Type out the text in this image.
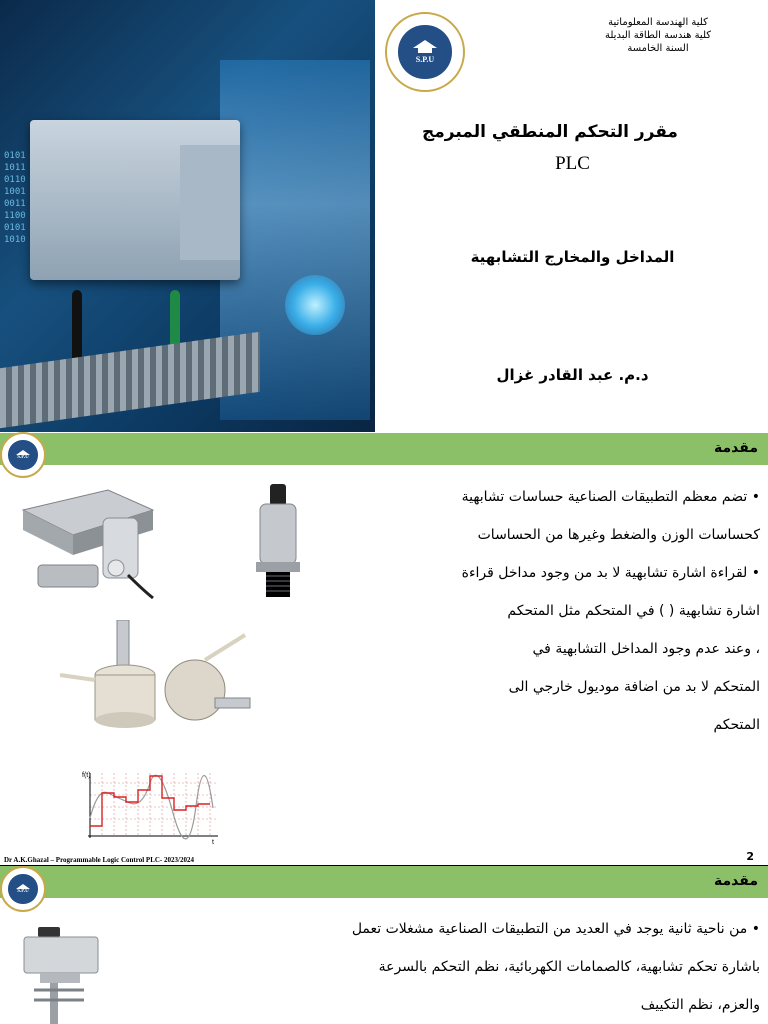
0101
1011
0110
1001
0011
1100
0101
1010
S.P.U
كلية الهندسة المعلوماتية
كلية هندسة الطاقة البديلة
السنة الخامسة
مقرر التحكم المنطقي المبرمج
PLC
المداخل والمخارج التشابهية
د.م. عبد القادر غزال
مقدمة
S.P.U

• تضم معظم التطبيقات الصناعية حساسات تشابهية

كحساسات الوزن والضغط وغيرها من الحساسات

• لقراءة اشارة تشابهية لا بد من وجود مداخل قراءة

اشارة تشابهية ( ) في المتحكم مثل المتحكم

، وعند عدم وجود المداخل التشابهية في

المتحكم لا بد من اضافة موديول خارجي الى

المتحكم

f(t)
t
Dr A.K.Ghazal – Programmable Logic Control PLC- 2023/2024	2
مقدمة
S.P.U

• من ناحية ثانية يوجد في العديد من التطبيقات الصناعية مشغلات تعمل

باشارة تحكم تشابهية، كالصمامات الكهربائية، نظم التحكم بالسرعة

والعزم، نظم التكييف
